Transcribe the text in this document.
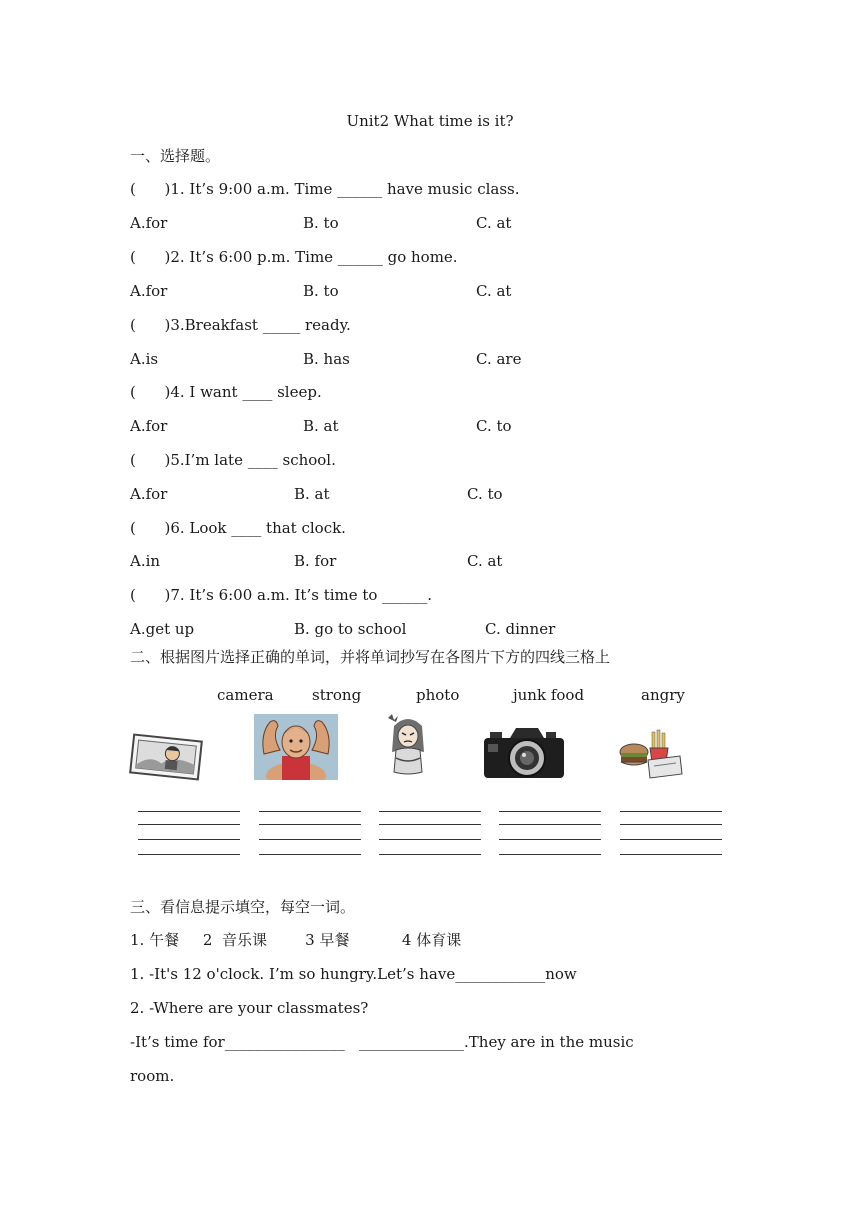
Unit2 What time is it?
一、选择题。
(      )1. It’s 9:00 a.m. Time ______ have music class.
A.for	B. to	C. at
(      )2. It’s 6:00 p.m. Time ______ go home.
A.for	B. to	C. at
(      )3.Breakfast _____ ready.
A.is	B. has	C. are
(      )4. I want ____ sleep.
A.for	B. at	C. to
(      )5.I’m late ____ school.
A.for	B. at	C. to
(      )6. Look ____ that clock.
A.in	B. for	C. at
(      )7. It’s 6:00 a.m. It’s time to ______.
A.get up	B. go to school	C. dinner
二、根据图片选择正确的单词，并将单词抄写在各图片下方的四线三格上
camera	strong	photo	junk food	angry
三、看信息提示填空，每空一词。
1. 午餐     2  音乐课        3 早餐           4 体育课
1. -It's 12 o'clock. I’m so hungry.Let’s have____________now
2. -Where are your classmates?
-It’s time for________________   ______________.They are in the music
room.
